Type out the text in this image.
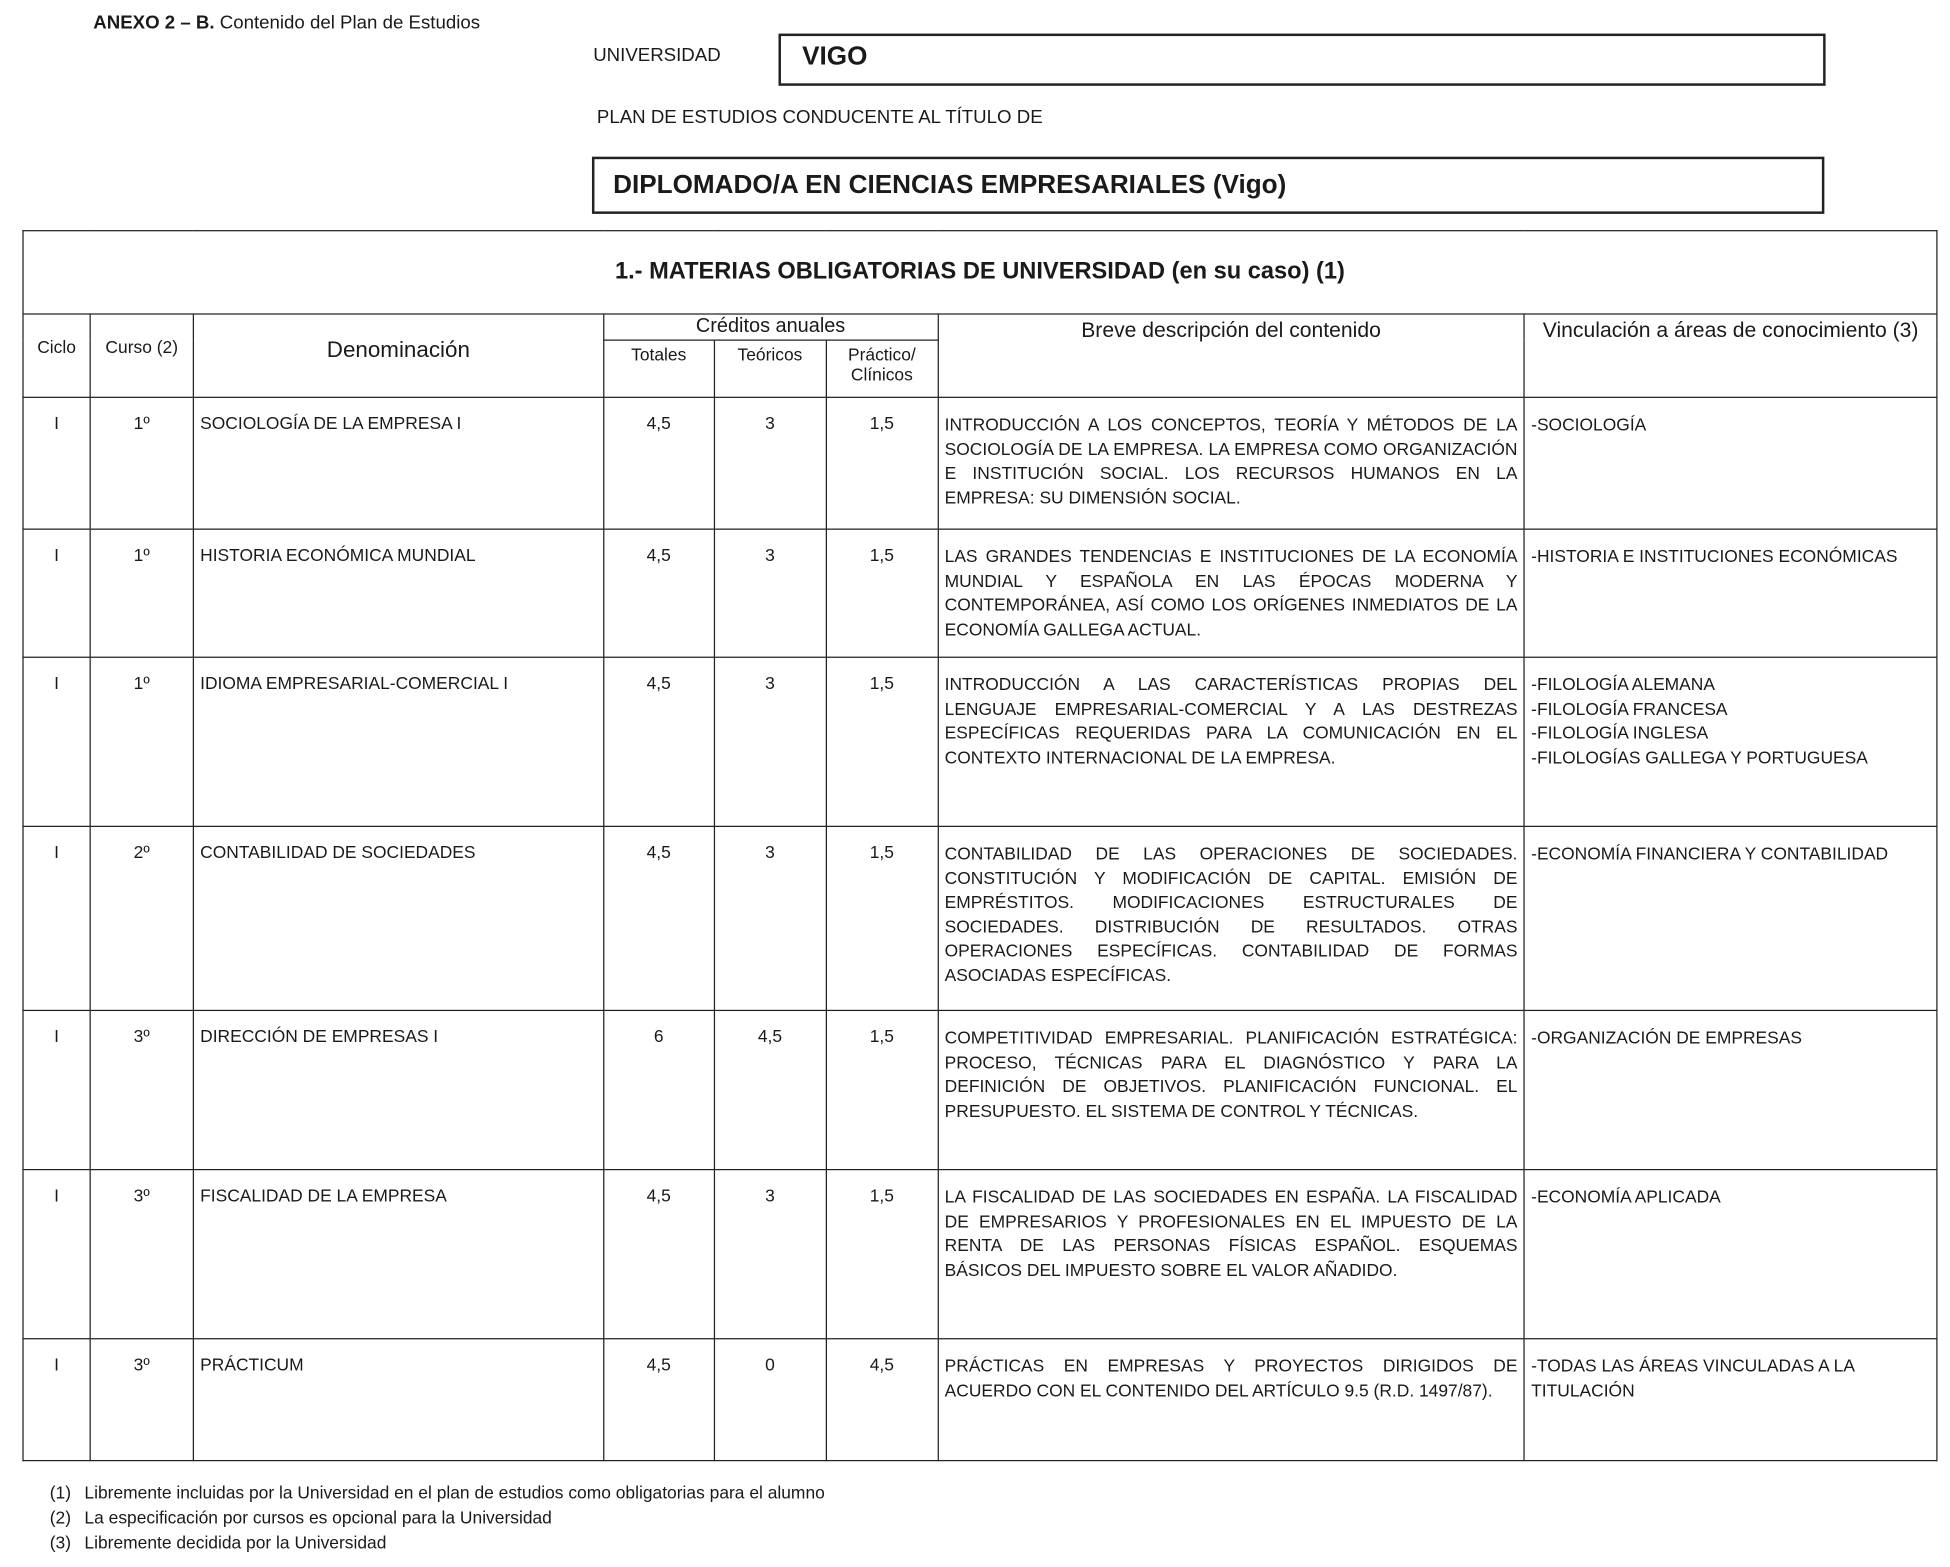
ANEXO 2 – B. Contenido del Plan de Estudios
UNIVERSIDAD	VIGO
PLAN DE ESTUDIOS CONDUCENTE AL TÍTULO DE
DIPLOMADO/A EN CIENCIAS EMPRESARIALES (Vigo)
1.- MATERIAS OBLIGATORIAS DE UNIVERSIDAD (en su caso) (1)							
Ciclo	Curso (2)	Denominación	Créditos anuales			Breve descripción del contenido	Vinculación a áreas de conocimiento (3)
			Totales	Teóricos	Práctico/ Clínicos		
I	1º	SOCIOLOGÍA DE LA EMPRESA I	4,5	3	1,5	INTRODUCCIÓN A LOS CONCEPTOS, TEORÍA Y MÉTODOS DE LA SOCIOLOGÍA DE LA EMPRESA. LA EMPRESA COMO ORGANIZACIÓN E INSTITUCIÓN SOCIAL. LOS RECURSOS HUMANOS EN LA EMPRESA: SU DIMENSIÓN SOCIAL.	-SOCIOLOGÍA
I	1º	HISTORIA ECONÓMICA MUNDIAL	4,5	3	1,5	LAS GRANDES TENDENCIAS E INSTITUCIONES DE LA ECONOMÍA MUNDIAL Y ESPAÑOLA EN LAS ÉPOCAS MODERNA Y CONTEMPORÁNEA, ASÍ COMO LOS ORÍGENES INMEDIATOS DE LA ECONOMÍA GALLEGA ACTUAL.	-HISTORIA E INSTITUCIONES ECONÓMICAS
I	1º	IDIOMA EMPRESARIAL-COMERCIAL I	4,5	3	1,5	INTRODUCCIÓN A LAS CARACTERÍSTICAS PROPIAS DEL LENGUAJE EMPRESARIAL-COMERCIAL Y A LAS DESTREZAS ESPECÍFICAS REQUERIDAS PARA LA COMUNICACIÓN EN EL CONTEXTO INTERNACIONAL DE LA EMPRESA.	-FILOLOGÍA ALEMANA
-FILOLOGÍA FRANCESA
-FILOLOGÍA INGLESA
-FILOLOGÍAS GALLEGA Y PORTUGUESA
I	2º	CONTABILIDAD DE SOCIEDADES	4,5	3	1,5	CONTABILIDAD DE LAS OPERACIONES DE SOCIEDADES. CONSTITUCIÓN Y MODIFICACIÓN DE CAPITAL. EMISIÓN DE EMPRÉSTITOS. MODIFICACIONES ESTRUCTURALES DE SOCIEDADES. DISTRIBUCIÓN DE RESULTADOS. OTRAS OPERACIONES ESPECÍFICAS. CONTABILIDAD DE FORMAS ASOCIADAS ESPECÍFICAS.	-ECONOMÍA FINANCIERA Y CONTABILIDAD
I	3º	DIRECCIÓN DE EMPRESAS I	6	4,5	1,5	COMPETITIVIDAD EMPRESARIAL. PLANIFICACIÓN ESTRATÉGICA: PROCESO, TÉCNICAS PARA EL DIAGNÓSTICO Y PARA LA DEFINICIÓN DE OBJETIVOS. PLANIFICACIÓN FUNCIONAL. EL PRESUPUESTO. EL SISTEMA DE CONTROL Y TÉCNICAS.	-ORGANIZACIÓN DE EMPRESAS
I	3º	FISCALIDAD DE LA EMPRESA	4,5	3	1,5	LA FISCALIDAD DE LAS SOCIEDADES EN ESPAÑA. LA FISCALIDAD DE EMPRESARIOS Y PROFESIONALES EN EL IMPUESTO DE LA RENTA DE LAS PERSONAS FÍSICAS ESPAÑOL. ESQUEMAS BÁSICOS DEL IMPUESTO SOBRE EL VALOR AÑADIDO.	-ECONOMÍA APLICADA
I	3º	PRÁCTICUM	4,5	0	4,5	PRÁCTICAS EN EMPRESAS Y PROYECTOS DIRIGIDOS DE ACUERDO CON EL CONTENIDO DEL ARTÍCULO 9.5 (R.D. 1497/87).	-TODAS LAS ÁREAS VINCULADAS A LA TITULACIÓN
(1) Libremente incluidas por la Universidad en el plan de estudios como obligatorias para el alumno
(2) La especificación por cursos es opcional para la Universidad
(3) Libremente decidida por la Universidad
